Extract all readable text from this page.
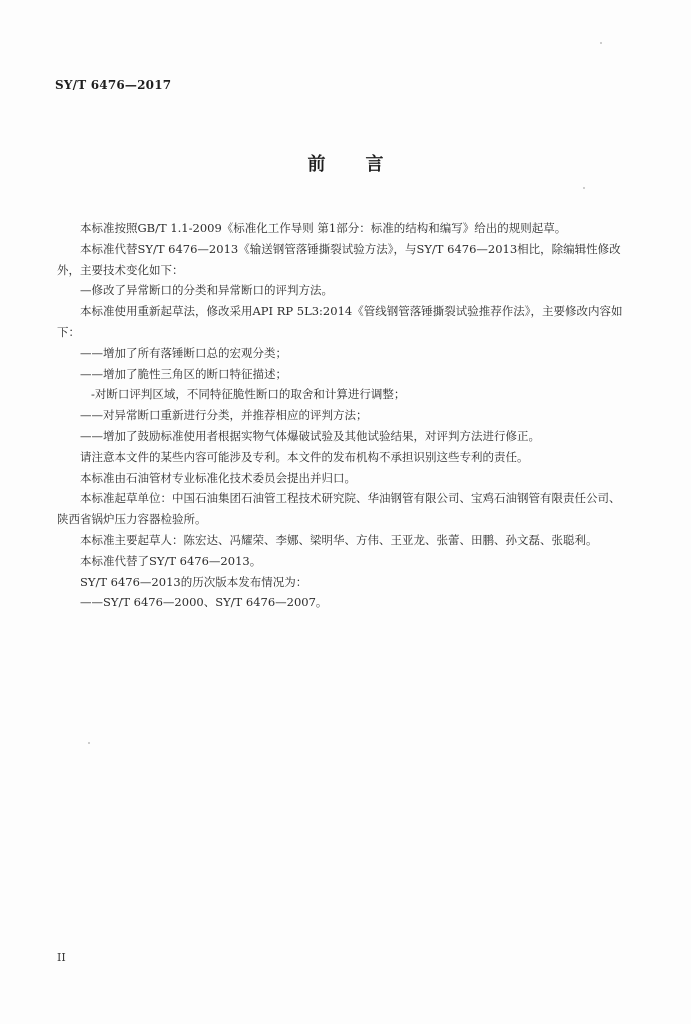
SY/T 6476—2017
前言

本标准按照GB/T 1.1-2009《标准化工作导则 第1部分：标准的结构和编写》给出的规则起草。

本标准代替SY/T 6476—2013《输送钢管落锤撕裂试验方法》，与SY/T 6476—2013相比，除编辑性修改外，主要技术变化如下：

—修改了异常断口的分类和异常断口的评判方法。

本标准使用重新起草法，修改采用API RP 5L3:2014《管线钢管落锤撕裂试验推荐作法》，主要修改内容如下：

——增加了所有落锤断口总的宏观分类；

——增加了脆性三角区的断口特征描述；

-对断口评判区域，不同特征脆性断口的取舍和计算进行调整；

——对异常断口重新进行分类，并推荐相应的评判方法；

——增加了鼓励标准使用者根据实物气体爆破试验及其他试验结果，对评判方法进行修正。

请注意本文件的某些内容可能涉及专利。本文件的发布机构不承担识别这些专利的责任。

本标准由石油管材专业标准化技术委员会提出并归口。

本标准起草单位：中国石油集团石油管工程技术研究院、华油钢管有限公司、宝鸡石油钢管有限责任公司、陕西省锅炉压力容器检验所。

本标准主要起草人：陈宏达、冯耀荣、李娜、梁明华、方伟、王亚龙、张蕾、田鹏、孙文磊、张聪利。

本标准代替了SY/T 6476—2013。

SY/T 6476—2013的历次版本发布情况为：

——SY/T 6476—2000、SY/T 6476—2007。

II
